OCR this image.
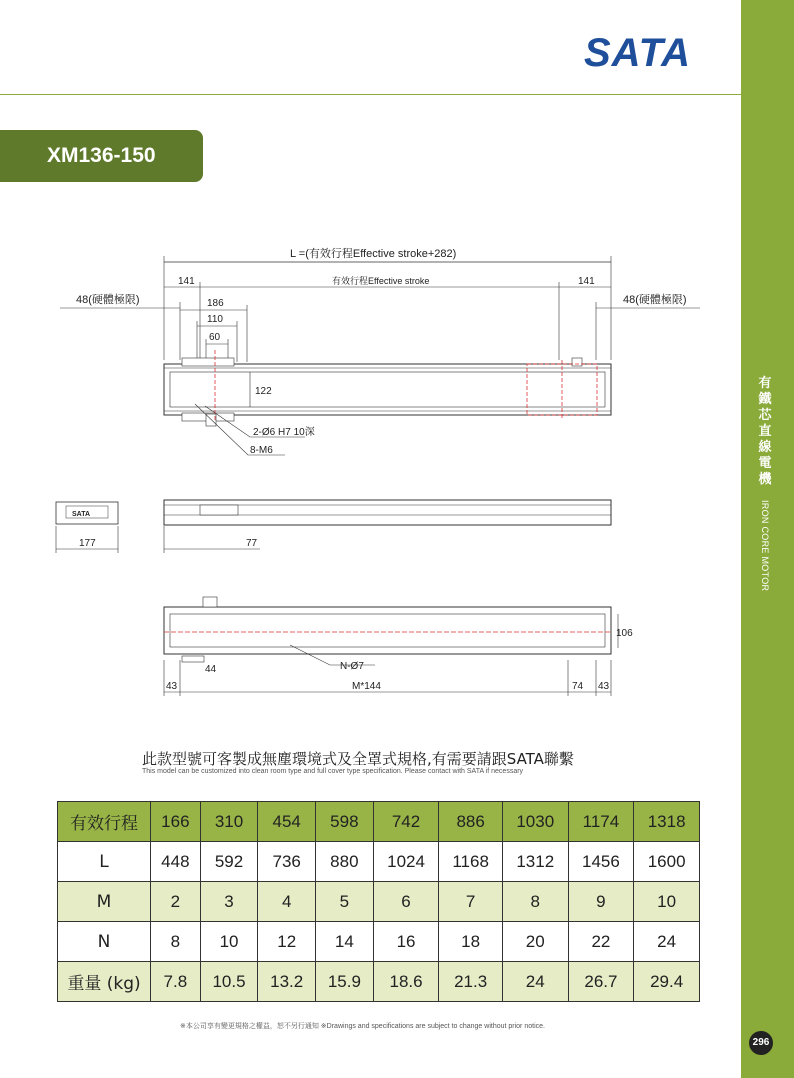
SATA
XM136-150
有
鐵
芯
直
線
電
機
IRON CORE MOTOR
296
L =(有效行程Effective stroke+282)
141	141
有效行程Effective stroke
48(硬體極限)	48(硬體極限)
186
110
60
122
2-Ø6 H7 10深
8-M6
SATA
177	77
106
44	N-Ø7
43	M*144	74 43
此款型號可客製成無塵環境式及全罩式規格,有需要請跟SATA聯繫
This model can be customized into clean room type and full cover type specification. Please contact with SATA if necessary
有效行程	166	310	454	598	742	886	1030	1174	1318
L	448	592	736	880	1024	1168	1312	1456	1600
M	2	3	4	5	6	7	8	9	10
N	8	10	12	14	16	18	20	22	24
重量 (kg)	7.8	10.5	13.2	15.9	18.6	21.3	24	26.7	29.4
※本公司享有變更規格之權益，恕不另行通知 ※Drawings and specifications are subject to change without prior notice.
